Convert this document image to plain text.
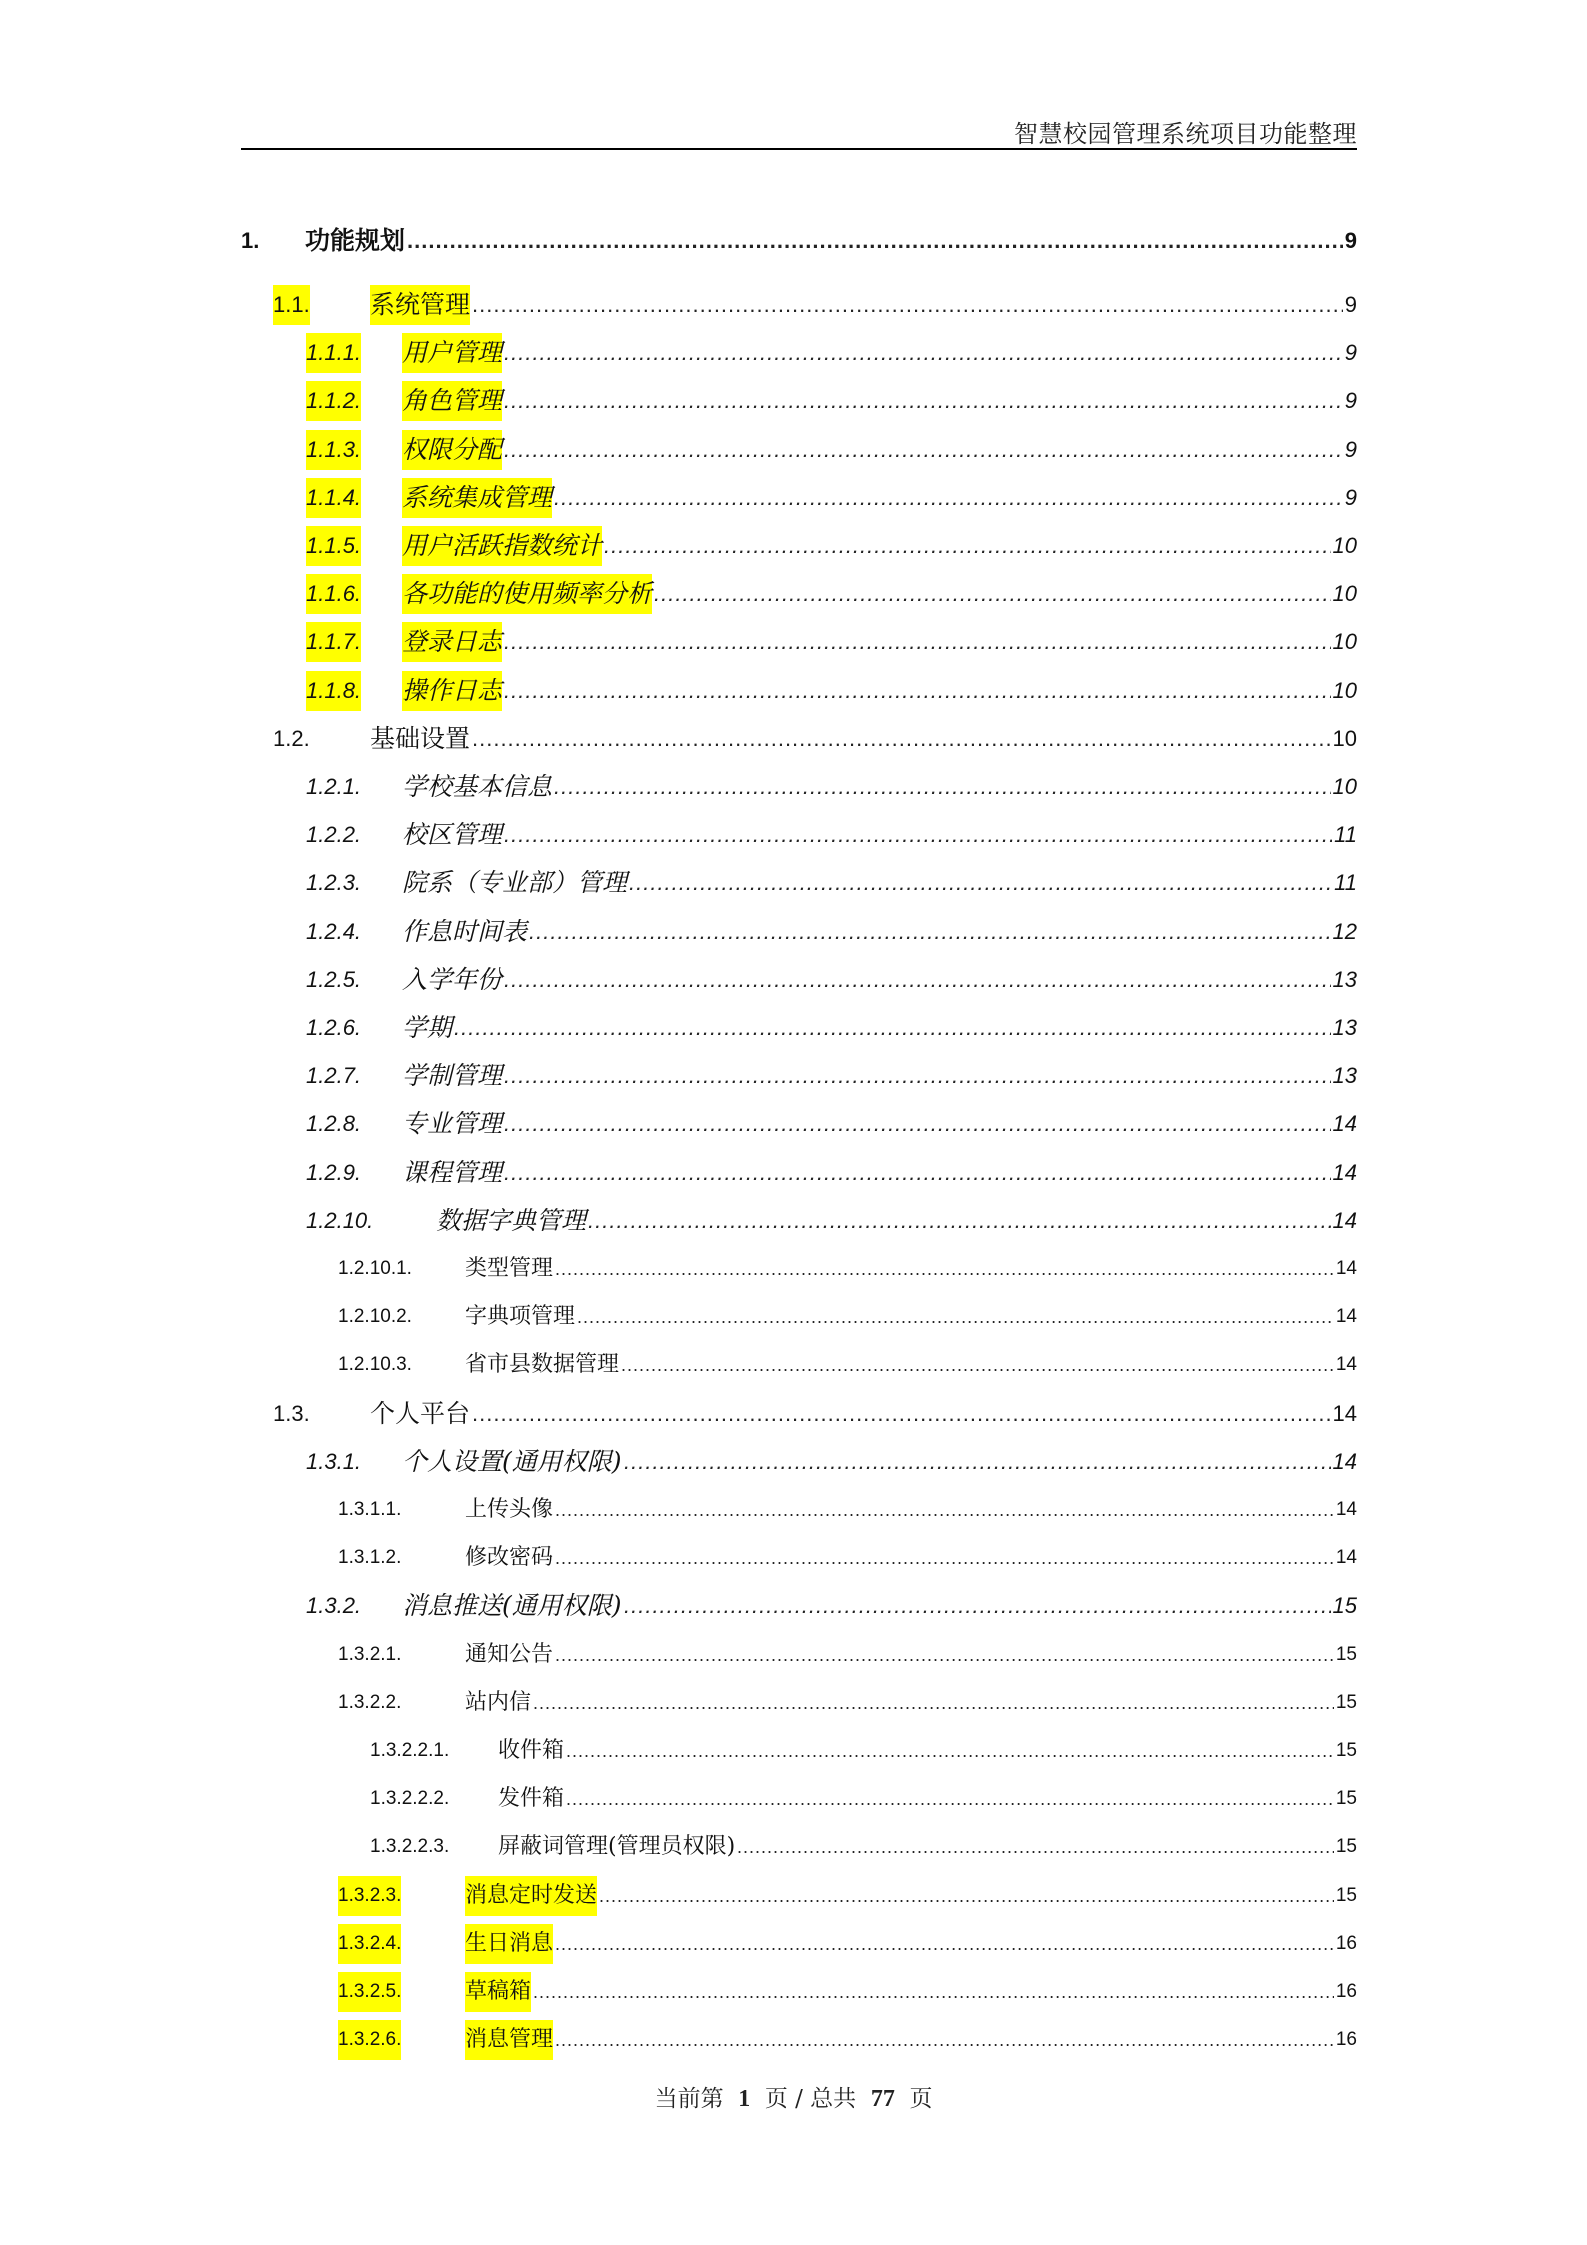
智慧校园管理系统项目功能整理
1. 功能规划 .....	9
1.1. 系统管理 .....	9
1.1.1. 用户管理 .....	9
1.1.2. 角色管理 .....	9
1.1.3. 权限分配 .....	9
1.1.4. 系统集成管理 .....	9
1.1.5. 用户活跃指数统计 .....	10
1.1.6. 各功能的使用频率分析 .....	10
1.1.7. 登录日志 .....	10
1.1.8. 操作日志 .....	10
1.2. 基础设置 .....	10
1.2.1. 学校基本信息 .....	10
1.2.2. 校区管理 .....	11
1.2.3. 院系（专业部）管理 .....	11
1.2.4. 作息时间表 .....	12
1.2.5. 入学年份 .....	13
1.2.6. 学期 .....	13
1.2.7. 学制管理 .....	13
1.2.8. 专业管理 .....	14
1.2.9. 课程管理 .....	14
1.2.10.	数据字典管理 .....	14
1.2.10.1. 类型管理 .....	14
1.2.10.2. 字典项管理 .....	14
1.2.10.3. 省市县数据管理 .....	14
1.3. 个人平台 .....	14
1.3.1. 个人设置(通用权限) .....	14
1.3.1.1.	上传头像 .....	14
1.3.1.2.	修改密码 .....	14
1.3.2. 消息推送(通用权限) .....	15
1.3.2.1.	通知公告 .....	15
1.3.2.2.	站内信 .....	15
1.3.2.2.1. 收件箱 .....	15
1.3.2.2.2. 发件箱 .....	15
1.3.2.2.3. 屏蔽词管理(管理员权限) .....	15
1.3.2.3.	消息定时发送 .....	15
1.3.2.4.	生日消息 .....	16
1.3.2.5.	草稿箱 .....	16
1.3.2.6.	消息管理 .....	16
当前第 1 页 / 总共 77 页
